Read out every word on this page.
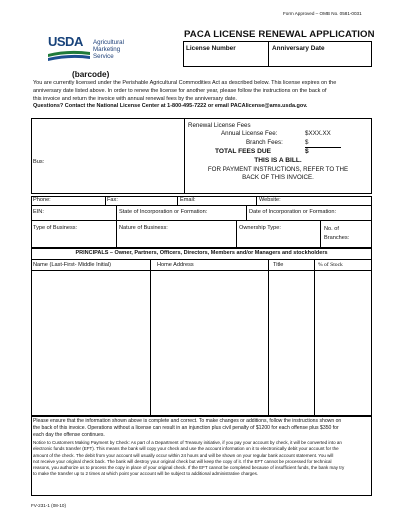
Form Approved – OMB No. 0581-0031
USDA Agricultural
Marketing
Service
PACA LICENSE RENEWAL APPLICATION
License Number	Anniversary Date
(barcode)
You are currently licensed under the Perishable Agricultural Commodities Act as described below. This license expires on the
anniversary date listed above. In order to renew the license for another year, please follow the instructions on the back of
this invoice and return the invoice with annual renewal fees by the anniversary date.
Questions? Contact the National License Center at 1-800-495-7222 or email PACAlicense@ams.usda.gov.
Bus:
Renewal License Fees
Annual License Fee:	$XXX.XX
Branch Fees:	$
TOTAL FEES DUE	$
THIS IS A BILL.
FOR PAYMENT INSTRUCTIONS, REFER TO THE
BACK OF THIS INVOICE.
Phone:	Fax:	Email:	Website:
EIN:	State of Incorporation or Formation:	Date of Incorporation or Formation:
Type of Business:	Nature of Business:	Ownership Type:	No. of
Branches:
PRINCIPALS – Owner, Partners, Officers, Directors, Members and/or Managers and stockholders
Name (Last-First- Middle Initial)	Home Address	Title	% of Stock
Please ensure that the information shown above is complete and correct. To make changes or additions, follow the instructions shown on
the back of this invoice. Operations without a license can result in an injunction plus civil penalty of $1200 for each offense plus $350 for
each day the offense continues.
Notice to Customers Making Payment by Check: As part of a Department of Treasury initiative, if you pay your account by check, it will be converted into an
electronic funds transfer (EFT). This means the bank will copy your check and use the account information on it to electronically debit your account for the
amount of the check. The debit from your account will usually occur within 24 hours and will be shown on your regular bank account statement. You will
not receive your original check back. The bank will destroy your original check but will keep the copy of it. If the EFT cannot be processed for technical
reasons, you authorize us to process the copy in place of your original check. If the EFT cannot be completed because of insufficient funds, the bank may try
to make the transfer up to 2 times at which point your account will be subject to additional administrative charges.
FV-231-1 (08-10)
